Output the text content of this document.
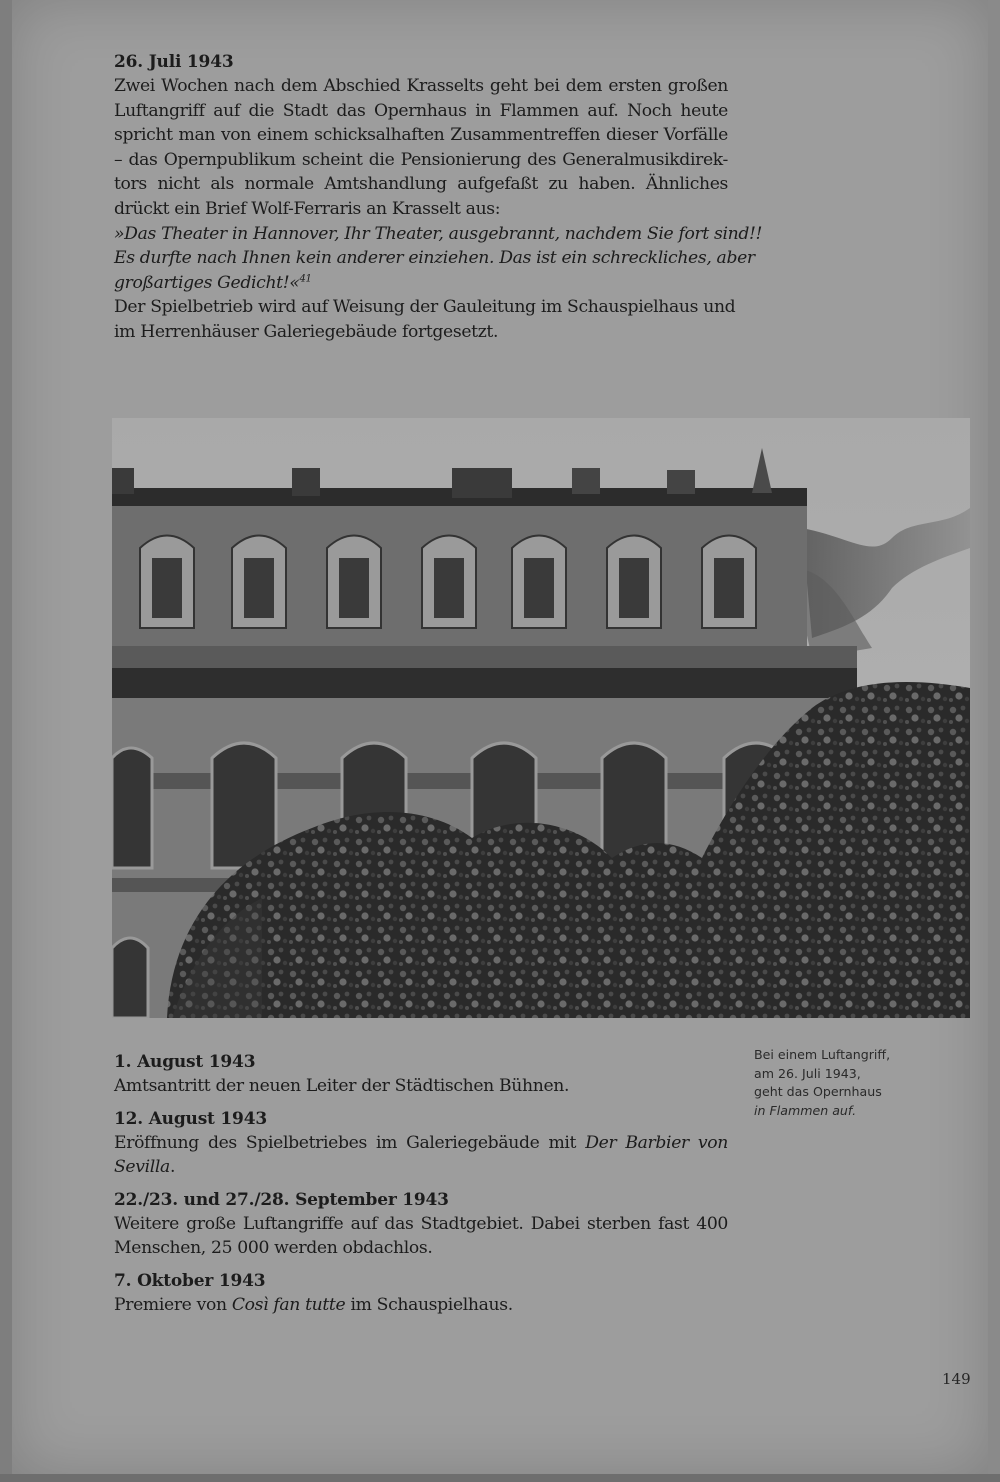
26. Juli 1943

Zwei Wochen nach dem Abschied Krasselts geht bei dem ersten großen
Luftangriff auf die Stadt das Opernhaus in Flammen auf. Noch heute
spricht man von einem schicksalhaften Zusammentreffen dieser Vorfälle
– das Opernpublikum scheint die Pensionierung des Generalmusikdirek-
tors nicht als normale Amtshandlung aufgefaßt zu haben. Ähnliches
drückt ein Brief Wolf-Ferraris an Krasselt aus:
»Das Theater in Hannover, Ihr Theater, ausgebrannt, nachdem Sie fort sind!!
Es durfte nach Ihnen kein anderer einziehen. Das ist ein schreckliches, aber
großartiges Gedicht!«$^{41}$
Der Spielbetrieb wird auf Weisung der Gauleitung im Schauspielhaus und
im Herrenhäuser Galeriegebäude fortgesetzt.

Bei einem Luftangriff,
am 26. Juli 1943,
geht das Opernhaus
in Flammen auf.

1. August 1943

Amtsantritt der neuen Leiter der Städtischen Bühnen.

12. August 1943

Eröffnung des Spielbetriebes im Galeriegebäude mit Der Barbier von
Sevilla.

22./23. und 27./28. September 1943

Weitere große Luftangriffe auf das Stadtgebiet. Dabei sterben fast 400
Menschen, 25 000 werden obdachlos.

7. Oktober 1943

Premiere von Così fan tutte im Schauspielhaus.

149
